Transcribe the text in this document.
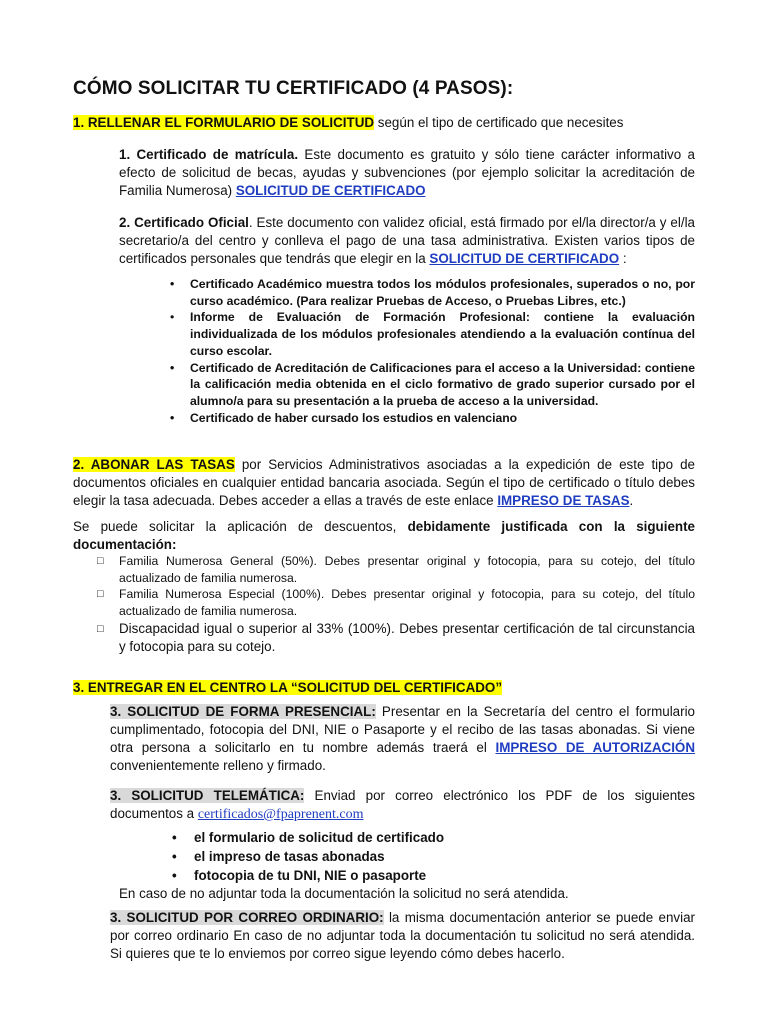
CÓMO SOLICITAR TU CERTIFICADO (4 PASOS):
1. RELLENAR EL FORMULARIO DE SOLICITUD según el tipo de certificado que necesites
1. Certificado de matrícula. Este documento es gratuito y sólo tiene carácter informativo a efecto de solicitud de becas, ayudas y subvenciones (por ejemplo solicitar la acreditación de Familia Numerosa) SOLICITUD DE CERTIFICADO
2. Certificado Oficial. Este documento con validez oficial, está firmado por el/la director/a y el/la secretario/a del centro y conlleva el pago de una tasa administrativa. Existen varios tipos de certificados personales que tendrás que elegir en la SOLICITUD DE CERTIFICADO :
• Certificado Académico muestra todos los módulos profesionales, superados o no, por curso académico. (Para realizar Pruebas de Acceso, o Pruebas Libres, etc.)
• Informe de Evaluación de Formación Profesional: contiene la evaluación individualizada de los módulos profesionales atendiendo a la evaluación contínua del curso escolar.
• Certificado de Acreditación de Calificaciones para el acceso a la Universidad: contiene la calificación media obtenida en el ciclo formativo de grado superior cursado por el alumno/a para su presentación a la prueba de acceso a la universidad.
• Certificado de haber cursado los estudios en valenciano
2. ABONAR LAS TASAS por Servicios Administrativos asociadas a la expedición de este tipo de documentos oficiales en cualquier entidad bancaria asociada. Según el tipo de certificado o título debes elegir la tasa adecuada. Debes acceder a ellas a través de este enlace IMPRESO DE TASAS.
Se puede solicitar la aplicación de descuentos, debidamente justificada con la siguiente documentación:
□ Familia Numerosa General (50%). Debes presentar original y fotocopia, para su cotejo, del título actualizado de familia numerosa.
□ Familia Numerosa Especial (100%). Debes presentar original y fotocopia, para su cotejo, del título actualizado de familia numerosa.
□ Discapacidad igual o superior al 33% (100%). Debes presentar certificación de tal circunstancia y fotocopia para su cotejo.
3. ENTREGAR EN EL CENTRO LA “SOLICITUD DEL CERTIFICADO”
3. SOLICITUD DE FORMA PRESENCIAL: Presentar en la Secretaría del centro el formulario cumplimentado, fotocopia del DNI, NIE o Pasaporte y el recibo de las tasas abonadas. Si viene otra persona a solicitarlo en tu nombre además traerá el IMPRESO DE AUTORIZACIÓN convenientemente relleno y firmado.
3. SOLICITUD TELEMÁTICA: Enviad por correo electrónico los PDF de los siguientes documentos a certificados@fpaprenent.com
• el formulario de solicitud de certificado
• el impreso de tasas abonadas
• fotocopia de tu DNI, NIE o pasaporte
En caso de no adjuntar toda la documentación la solicitud no será atendida.
3. SOLICITUD POR CORREO ORDINARIO: la misma documentación anterior se puede enviar por correo ordinario En caso de no adjuntar toda la documentación tu solicitud no será atendida. Si quieres que te lo enviemos por correo sigue leyendo cómo debes hacerlo.
